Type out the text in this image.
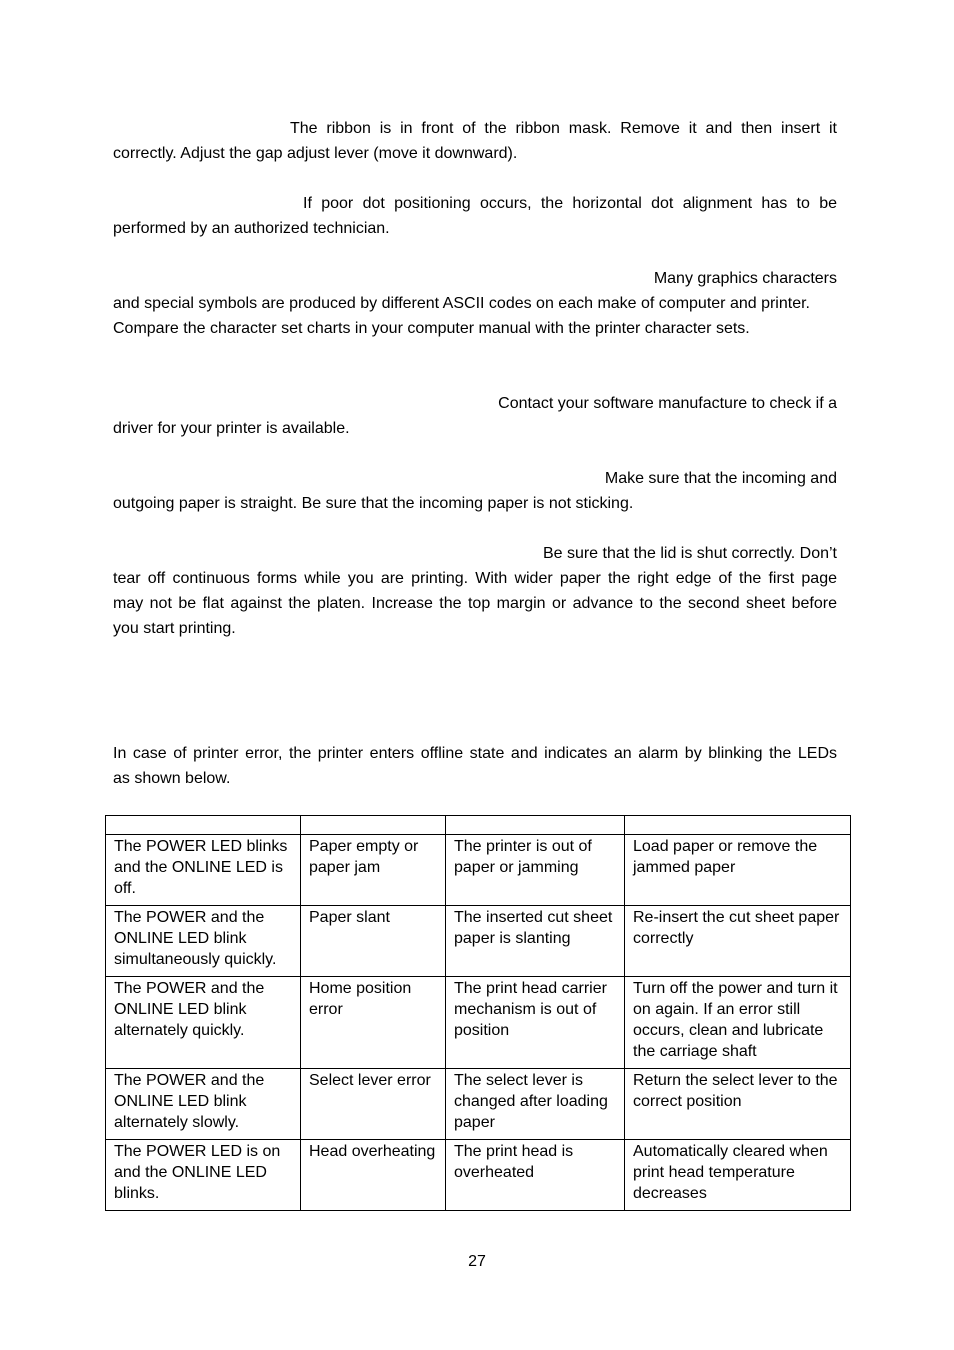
The ribbon is in front of the ribbon mask. Remove it and then insert it
correctly. Adjust the gap adjust lever (move it downward).
If poor dot positioning occurs, the horizontal dot alignment has to be
performed by an authorized technician.
Many graphics characters
and special symbols are produced by different ASCII codes on each make of computer and printer.
Compare the character set charts in your computer manual with the printer character sets.
Contact your software manufacture to check if a
driver for your printer is available.
Make sure that the incoming and
outgoing paper is straight. Be sure that the incoming paper is not sticking.
Be sure that the lid is shut correctly. Don’t
tear off continuous forms while you are printing. With wider paper the right edge of the first page
may not be flat against the platen. Increase the top margin or advance to the second sheet before
you start printing.
In case of printer error, the printer enters offline state and indicates an alarm by blinking the LEDs
as shown below.

The POWER LED blinks and the ONLINE LED is off.	Paper empty or paper jam	The printer is out of paper or jamming	Load paper or remove the jammed paper
The POWER and the ONLINE LED blink simultaneously quickly.	Paper slant	The inserted cut sheet paper is slanting	Re-insert the cut sheet paper correctly
The POWER and the ONLINE LED blink alternately quickly.	Home position error	The print head carrier mechanism is out of position	Turn off the power and turn it on again. If an error still occurs, clean and lubricate the carriage shaft
The POWER and the ONLINE LED blink alternately slowly.	Select lever error	The select lever is changed after loading paper	Return the select lever to the correct position
The POWER LED is on and the ONLINE LED blinks.	Head overheating	The print head is overheated	Automatically cleared when print head temperature decreases
27
